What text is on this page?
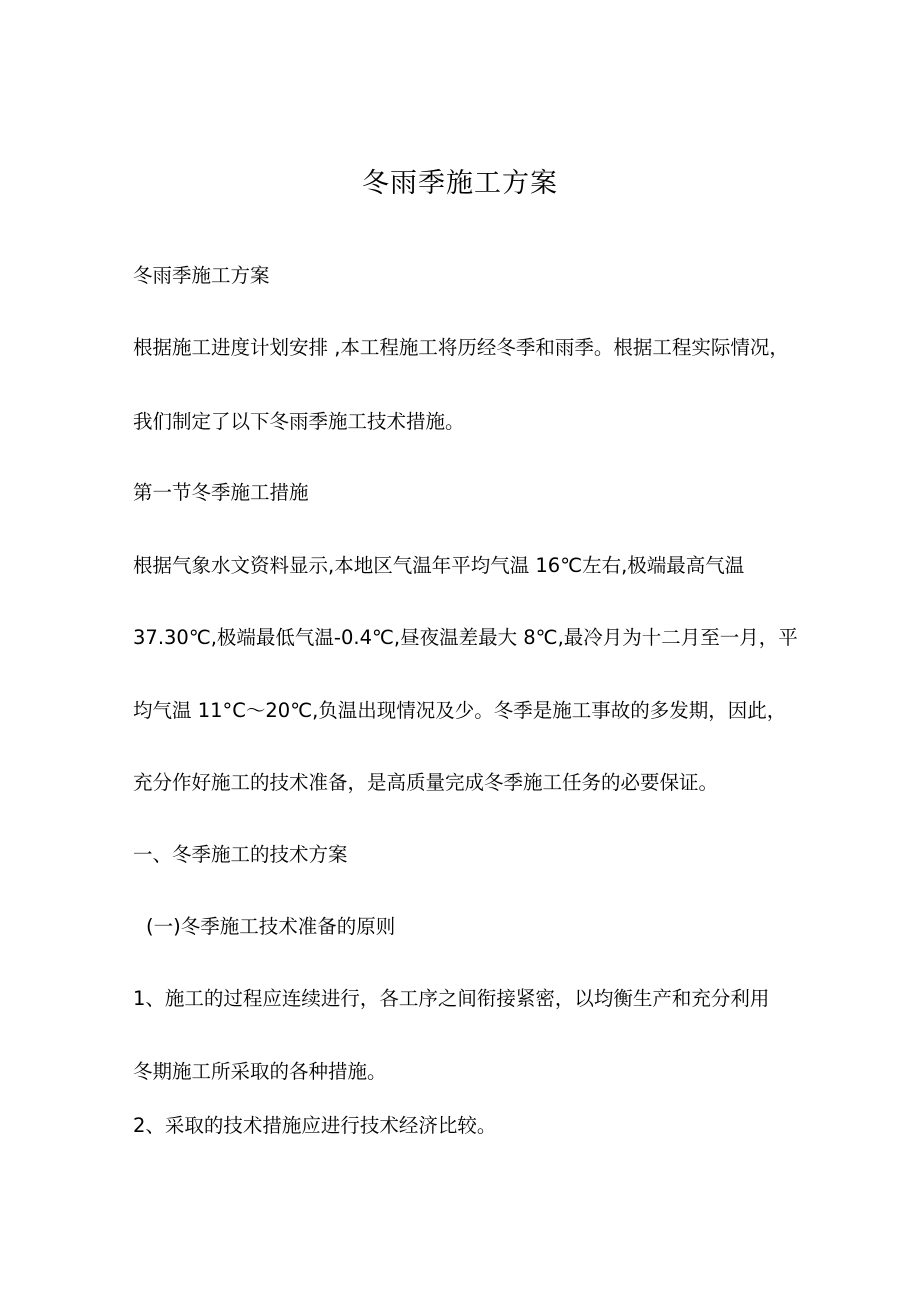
冬雨季施工方案
冬雨季施工方案
根据施工进度计划安排 ,本工程施工将历经冬季和雨季。根据工程实际情况，
我们制定了以下冬雨季施工技术措施。
第一节冬季施工措施
根据气象水文资料显示,本地区气温年平均气温 16℃左右,极端最高气温
37.30℃,极端最低气温-0.4℃,昼夜温差最大 8℃,最冷月为十二月至一月，平
均气温 11°C〜20℃,负温出现情况及少。冬季是施工事故的多发期，因此，
充分作好施工的技术准备，是高质量完成冬季施工任务的必要保证。
一、冬季施工的技术方案
(一)冬季施工技术准备的原则
1、施工的过程应连续进行，各工序之间衔接紧密，以均衡生产和充分利用
冬期施工所采取的各种措施。
2、采取的技术措施应进行技术经济比较。
